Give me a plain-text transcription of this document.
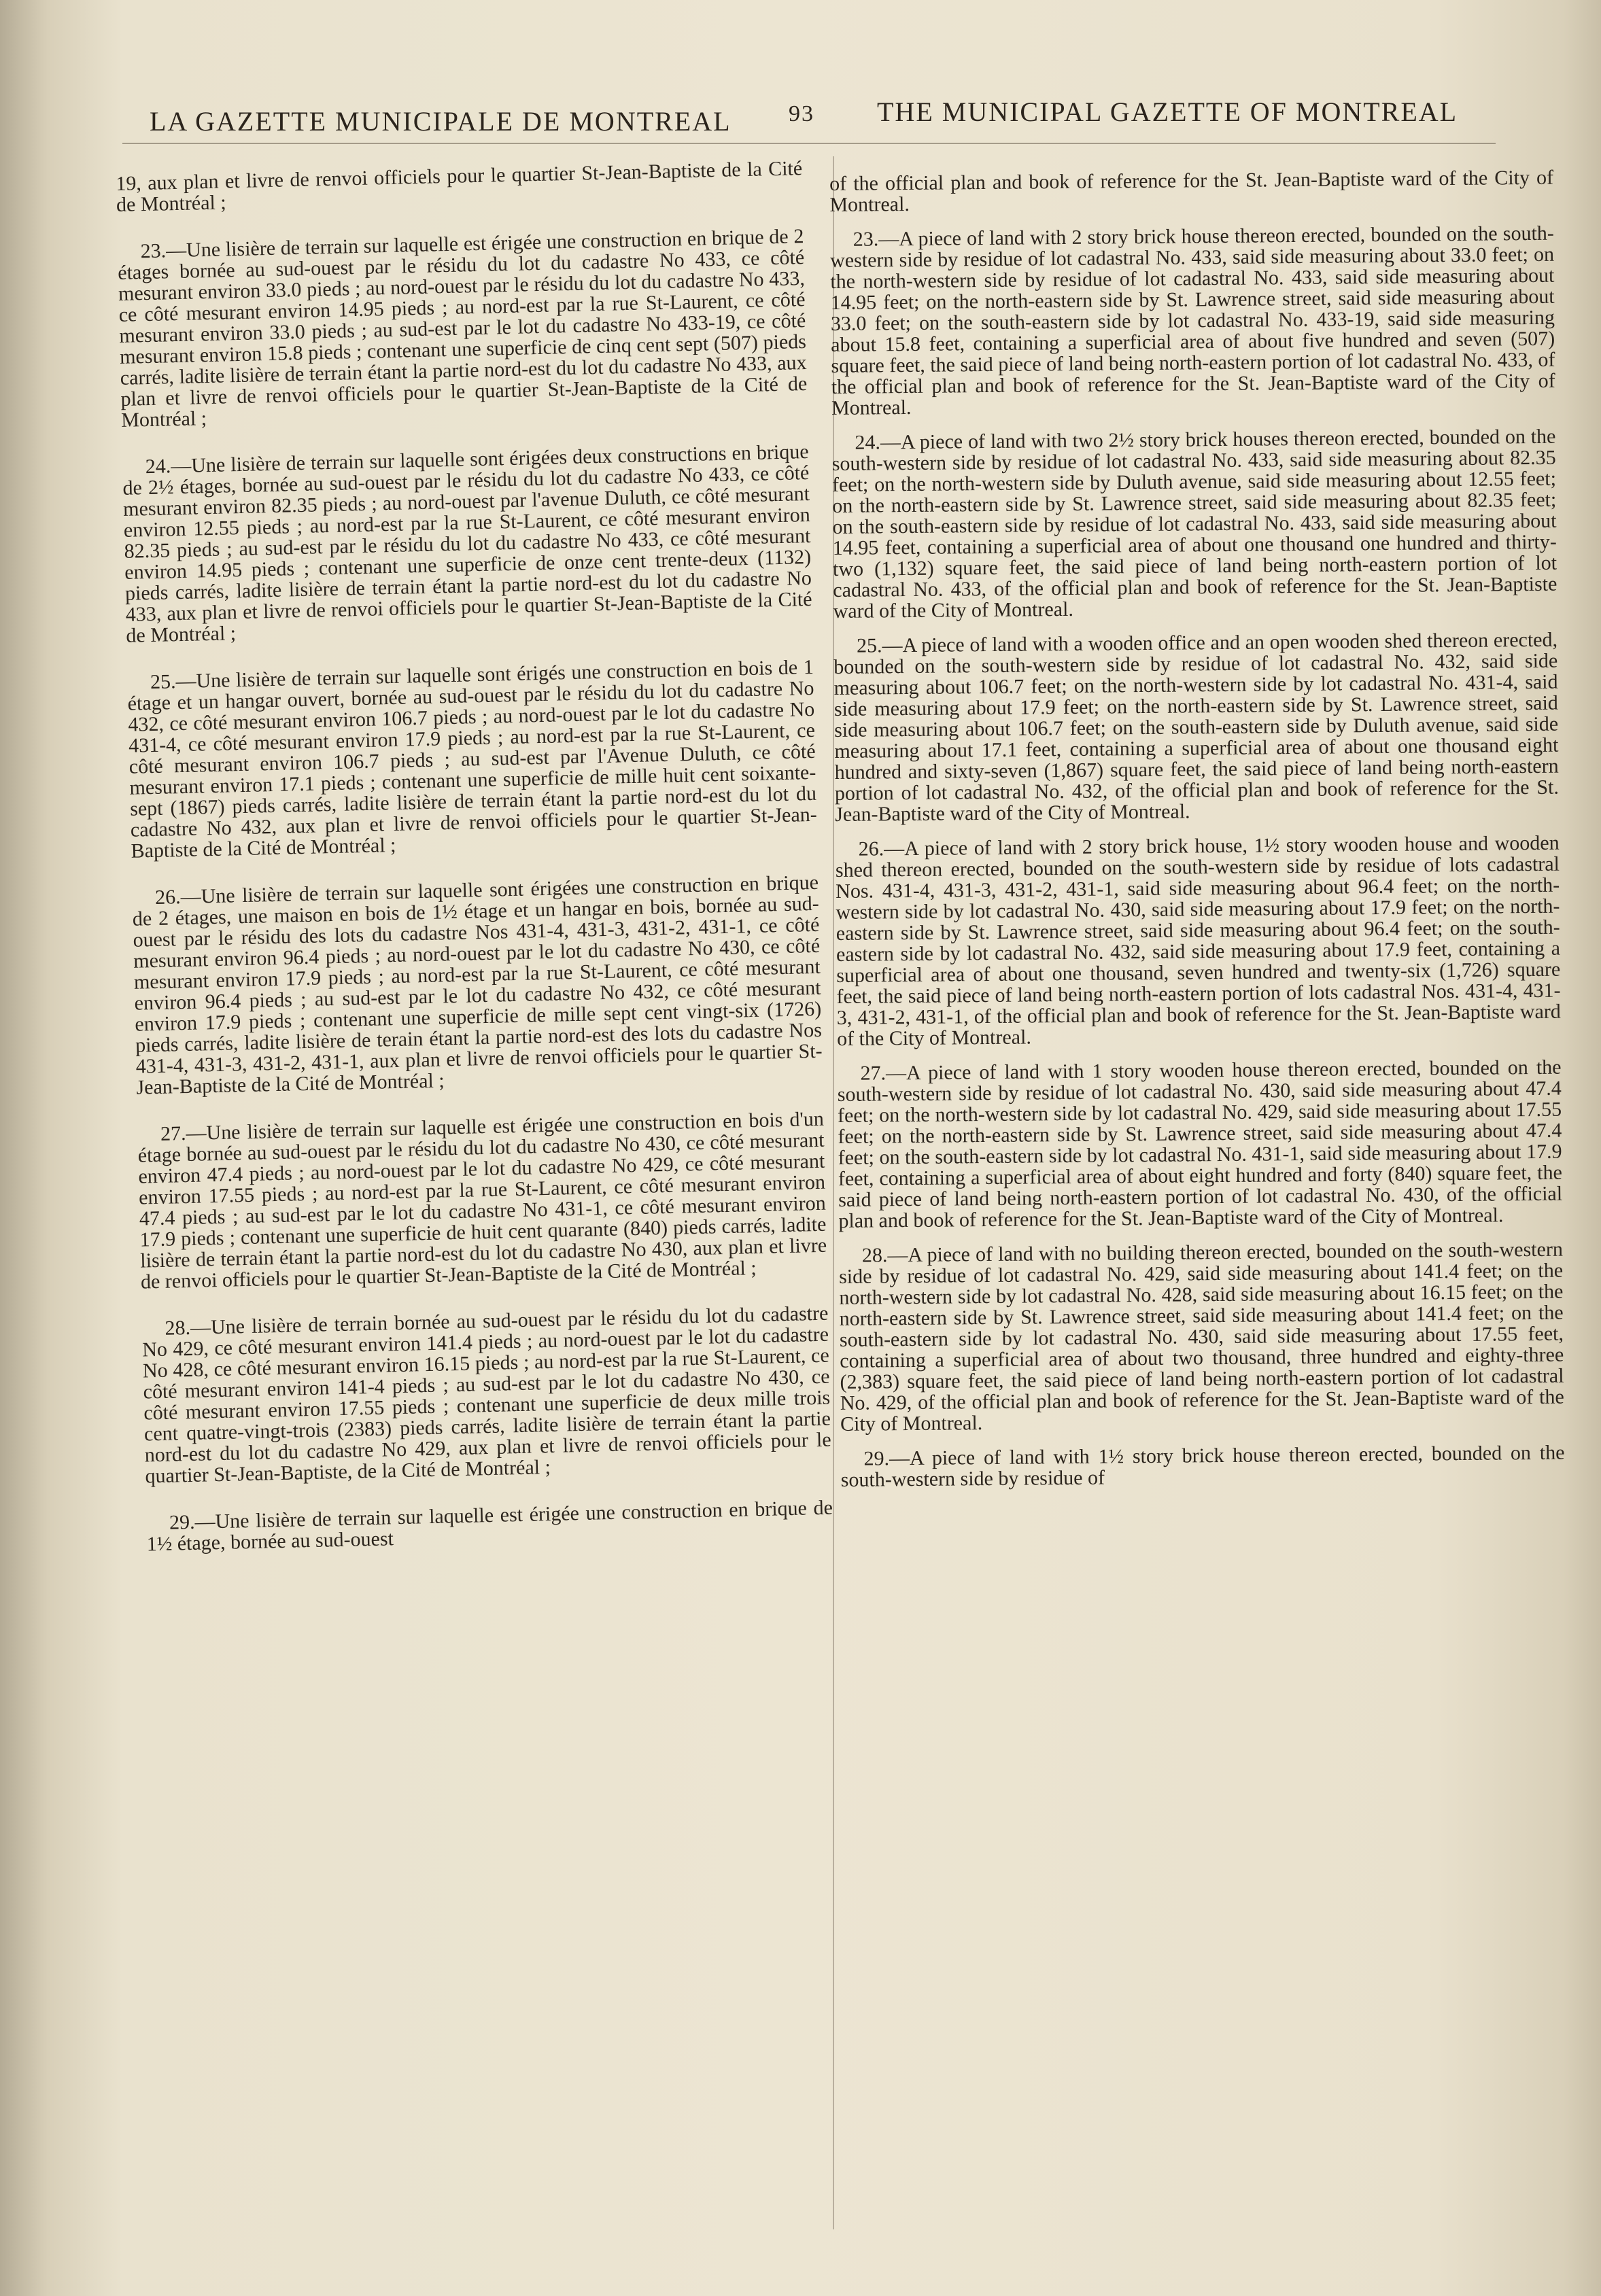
LA GAZETTE MUNICIPALE DE MONTREAL 93 THE MUNICIPAL GAZETTE OF MONTREAL

19, aux plan et livre de renvoi officiels pour le quartier St-Jean-Baptiste de la Cité de Montréal ;

23.—Une lisière de terrain sur laquelle est érigée une construction en brique de 2 étages bornée au sud-ouest par le résidu du lot du cadastre No 433, ce côté mesurant environ 33.0 pieds ; au nord-ouest par le résidu du lot du cadastre No 433, ce côté mesurant environ 14.95 pieds ; au nord-est par la rue St-Laurent, ce côté mesurant environ 33.0 pieds ; au sud-est par le lot du cadastre No 433-19, ce côté mesurant environ 15.8 pieds ; contenant une superficie de cinq cent sept (507) pieds carrés, ladite lisière de terrain étant la partie nord-est du lot du cadastre No 433, aux plan et livre de renvoi officiels pour le quartier St-Jean-Baptiste de la Cité de Montréal ;

24.—Une lisière de terrain sur laquelle sont érigées deux constructions en brique de 2½ étages, bornée au sud-ouest par le résidu du lot du cadastre No 433, ce côté mesurant environ 82.35 pieds ; au nord-ouest par l'avenue Duluth, ce côté mesurant environ 12.55 pieds ; au nord-est par la rue St-Laurent, ce côté mesurant environ 82.35 pieds ; au sud-est par le résidu du lot du cadastre No 433, ce côté mesurant environ 14.95 pieds ; contenant une superficie de onze cent trente-deux (1132) pieds carrés, ladite lisière de terrain étant la partie nord-est du lot du cadastre No 433, aux plan et livre de renvoi officiels pour le quartier St-Jean-Baptiste de la Cité de Montréal ;

25.—Une lisière de terrain sur laquelle sont érigés une construction en bois de 1 étage et un hangar ouvert, bornée au sud-ouest par le résidu du lot du cadastre No 432, ce côté mesurant environ 106.7 pieds ; au nord-ouest par le lot du cadastre No 431-4, ce côté mesurant environ 17.9 pieds ; au nord-est par la rue St-Laurent, ce côté mesurant environ 106.7 pieds ; au sud-est par l'Avenue Duluth, ce côté mesurant environ 17.1 pieds ; contenant une superficie de mille huit cent soixante-sept (1867) pieds carrés, ladite lisière de terrain étant la partie nord-est du lot du cadastre No 432, aux plan et livre de renvoi officiels pour le quartier St-Jean-Baptiste de la Cité de Montréal ;

26.—Une lisière de terrain sur laquelle sont érigées une construction en brique de 2 étages, une maison en bois de 1½ étage et un hangar en bois, bornée au sud-ouest par le résidu des lots du cadastre Nos 431-4, 431-3, 431-2, 431-1, ce côté mesurant environ 96.4 pieds ; au nord-ouest par le lot du cadastre No 430, ce côté mesurant environ 17.9 pieds ; au nord-est par la rue St-Laurent, ce côté mesurant environ 96.4 pieds ; au sud-est par le lot du cadastre No 432, ce côté mesurant environ 17.9 pieds ; contenant une superficie de mille sept cent vingt-six (1726) pieds carrés, ladite lisière de terain étant la partie nord-est des lots du cadastre Nos 431-4, 431-3, 431-2, 431-1, aux plan et livre de renvoi officiels pour le quartier St-Jean-Baptiste de la Cité de Montréal ;

27.—Une lisière de terrain sur laquelle est érigée une construction en bois d'un étage bornée au sud-ouest par le résidu du lot du cadastre No 430, ce côté mesurant environ 47.4 pieds ; au nord-ouest par le lot du cadastre No 429, ce côté mesurant environ 17.55 pieds ; au nord-est par la rue St-Laurent, ce côté mesurant environ 47.4 pieds ; au sud-est par le lot du cadastre No 431-1, ce côté mesurant environ 17.9 pieds ; contenant une superficie de huit cent quarante (840) pieds carrés, ladite lisière de terrain étant la partie nord-est du lot du cadastre No 430, aux plan et livre de renvoi officiels pour le quartier St-Jean-Baptiste de la Cité de Montréal ;

28.—Une lisière de terrain bornée au sud-ouest par le résidu du lot du cadastre No 429, ce côté mesurant environ 141.4 pieds ; au nord-ouest par le lot du cadastre No 428, ce côté mesurant environ 16.15 pieds ; au nord-est par la rue St-Laurent, ce côté mesurant environ 141-4 pieds ; au sud-est par le lot du cadastre No 430, ce côté mesurant environ 17.55 pieds ; contenant une superficie de deux mille trois cent quatre-vingt-trois (2383) pieds carrés, ladite lisière de terrain étant la partie nord-est du lot du cadastre No 429, aux plan et livre de renvoi officiels pour le quartier St-Jean-Baptiste, de la Cité de Montréal ;

29.—Une lisière de terrain sur laquelle est érigée une construction en brique de 1½ étage, bornée au sud-ouest

of the official plan and book of reference for the St. Jean-Baptiste ward of the City of Montreal.

23.—A piece of land with 2 story brick house thereon erected, bounded on the south-western side by residue of lot cadastral No. 433, said side measuring about 33.0 feet; on the north-western side by residue of lot cadastral No. 433, said side measuring about 14.95 feet; on the north-eastern side by St. Lawrence street, said side measuring about 33.0 feet; on the south-eastern side by lot cadastral No. 433-19, said side measuring about 15.8 feet, containing a superficial area of about five hundred and seven (507) square feet, the said piece of land being north-eastern portion of lot cadastral No. 433, of the official plan and book of reference for the St. Jean-Baptiste ward of the City of Montreal.

24.—A piece of land with two 2½ story brick houses thereon erected, bounded on the south-western side by residue of lot cadastral No. 433, said side measuring about 82.35 feet; on the north-western side by Duluth avenue, said side measuring about 12.55 feet; on the north-eastern side by St. Lawrence street, said side measuring about 82.35 feet; on the south-eastern side by residue of lot cadastral No. 433, said side measuring about 14.95 feet, containing a superficial area of about one thousand one hundred and thirty-two (1,132) square feet, the said piece of land being north-eastern portion of lot cadastral No. 433, of the official plan and book of reference for the St. Jean-Baptiste ward of the City of Montreal.

25.—A piece of land with a wooden office and an open wooden shed thereon erected, bounded on the south-western side by residue of lot cadastral No. 432, said side measuring about 106.7 feet; on the north-western side by lot cadastral No. 431-4, said side measuring about 17.9 feet; on the north-eastern side by St. Lawrence street, said side measuring about 106.7 feet; on the south-eastern side by Duluth avenue, said side measuring about 17.1 feet, containing a superficial area of about one thousand eight hundred and sixty-seven (1,867) square feet, the said piece of land being north-eastern portion of lot cadastral No. 432, of the official plan and book of reference for the St. Jean-Baptiste ward of the City of Montreal.

26.—A piece of land with 2 story brick house, 1½ story wooden house and wooden shed thereon erected, bounded on the south-western side by residue of lots cadastral Nos. 431-4, 431-3, 431-2, 431-1, said side measuring about 96.4 feet; on the north-western side by lot cadastral No. 430, said side measuring about 17.9 feet; on the north-eastern side by St. Lawrence street, said side measuring about 96.4 feet; on the south-eastern side by lot cadastral No. 432, said side measuring about 17.9 feet, containing a superficial area of about one thousand, seven hundred and twenty-six (1,726) square feet, the said piece of land being north-eastern portion of lots cadastral Nos. 431-4, 431-3, 431-2, 431-1, of the official plan and book of reference for the St. Jean-Baptiste ward of the City of Montreal.

27.—A piece of land with 1 story wooden house thereon erected, bounded on the south-western side by residue of lot cadastral No. 430, said side measuring about 47.4 feet; on the north-western side by lot cadastral No. 429, said side measuring about 17.55 feet; on the north-eastern side by St. Lawrence street, said side measuring about 47.4 feet; on the south-eastern side by lot cadastral No. 431-1, said side measuring about 17.9 feet, containing a superficial area of about eight hundred and forty (840) square feet, the said piece of land being north-eastern portion of lot cadastral No. 430, of the official plan and book of reference for the St. Jean-Baptiste ward of the City of Montreal.

28.—A piece of land with no building thereon erected, bounded on the south-western side by residue of lot cadastral No. 429, said side measuring about 141.4 feet; on the north-western side by lot cadastral No. 428, said side measuring about 16.15 feet; on the north-eastern side by St. Lawrence street, said side measuring about 141.4 feet; on the south-eastern side by lot cadastral No. 430, said side measuring about 17.55 feet, containing a superficial area of about two thousand, three hundred and eighty-three (2,383) square feet, the said piece of land being north-eastern portion of lot cadastral No. 429, of the official plan and book of reference for the St. Jean-Baptiste ward of the City of Montreal.

29.—A piece of land with 1½ story brick house thereon erected, bounded on the south-western side by residue of
